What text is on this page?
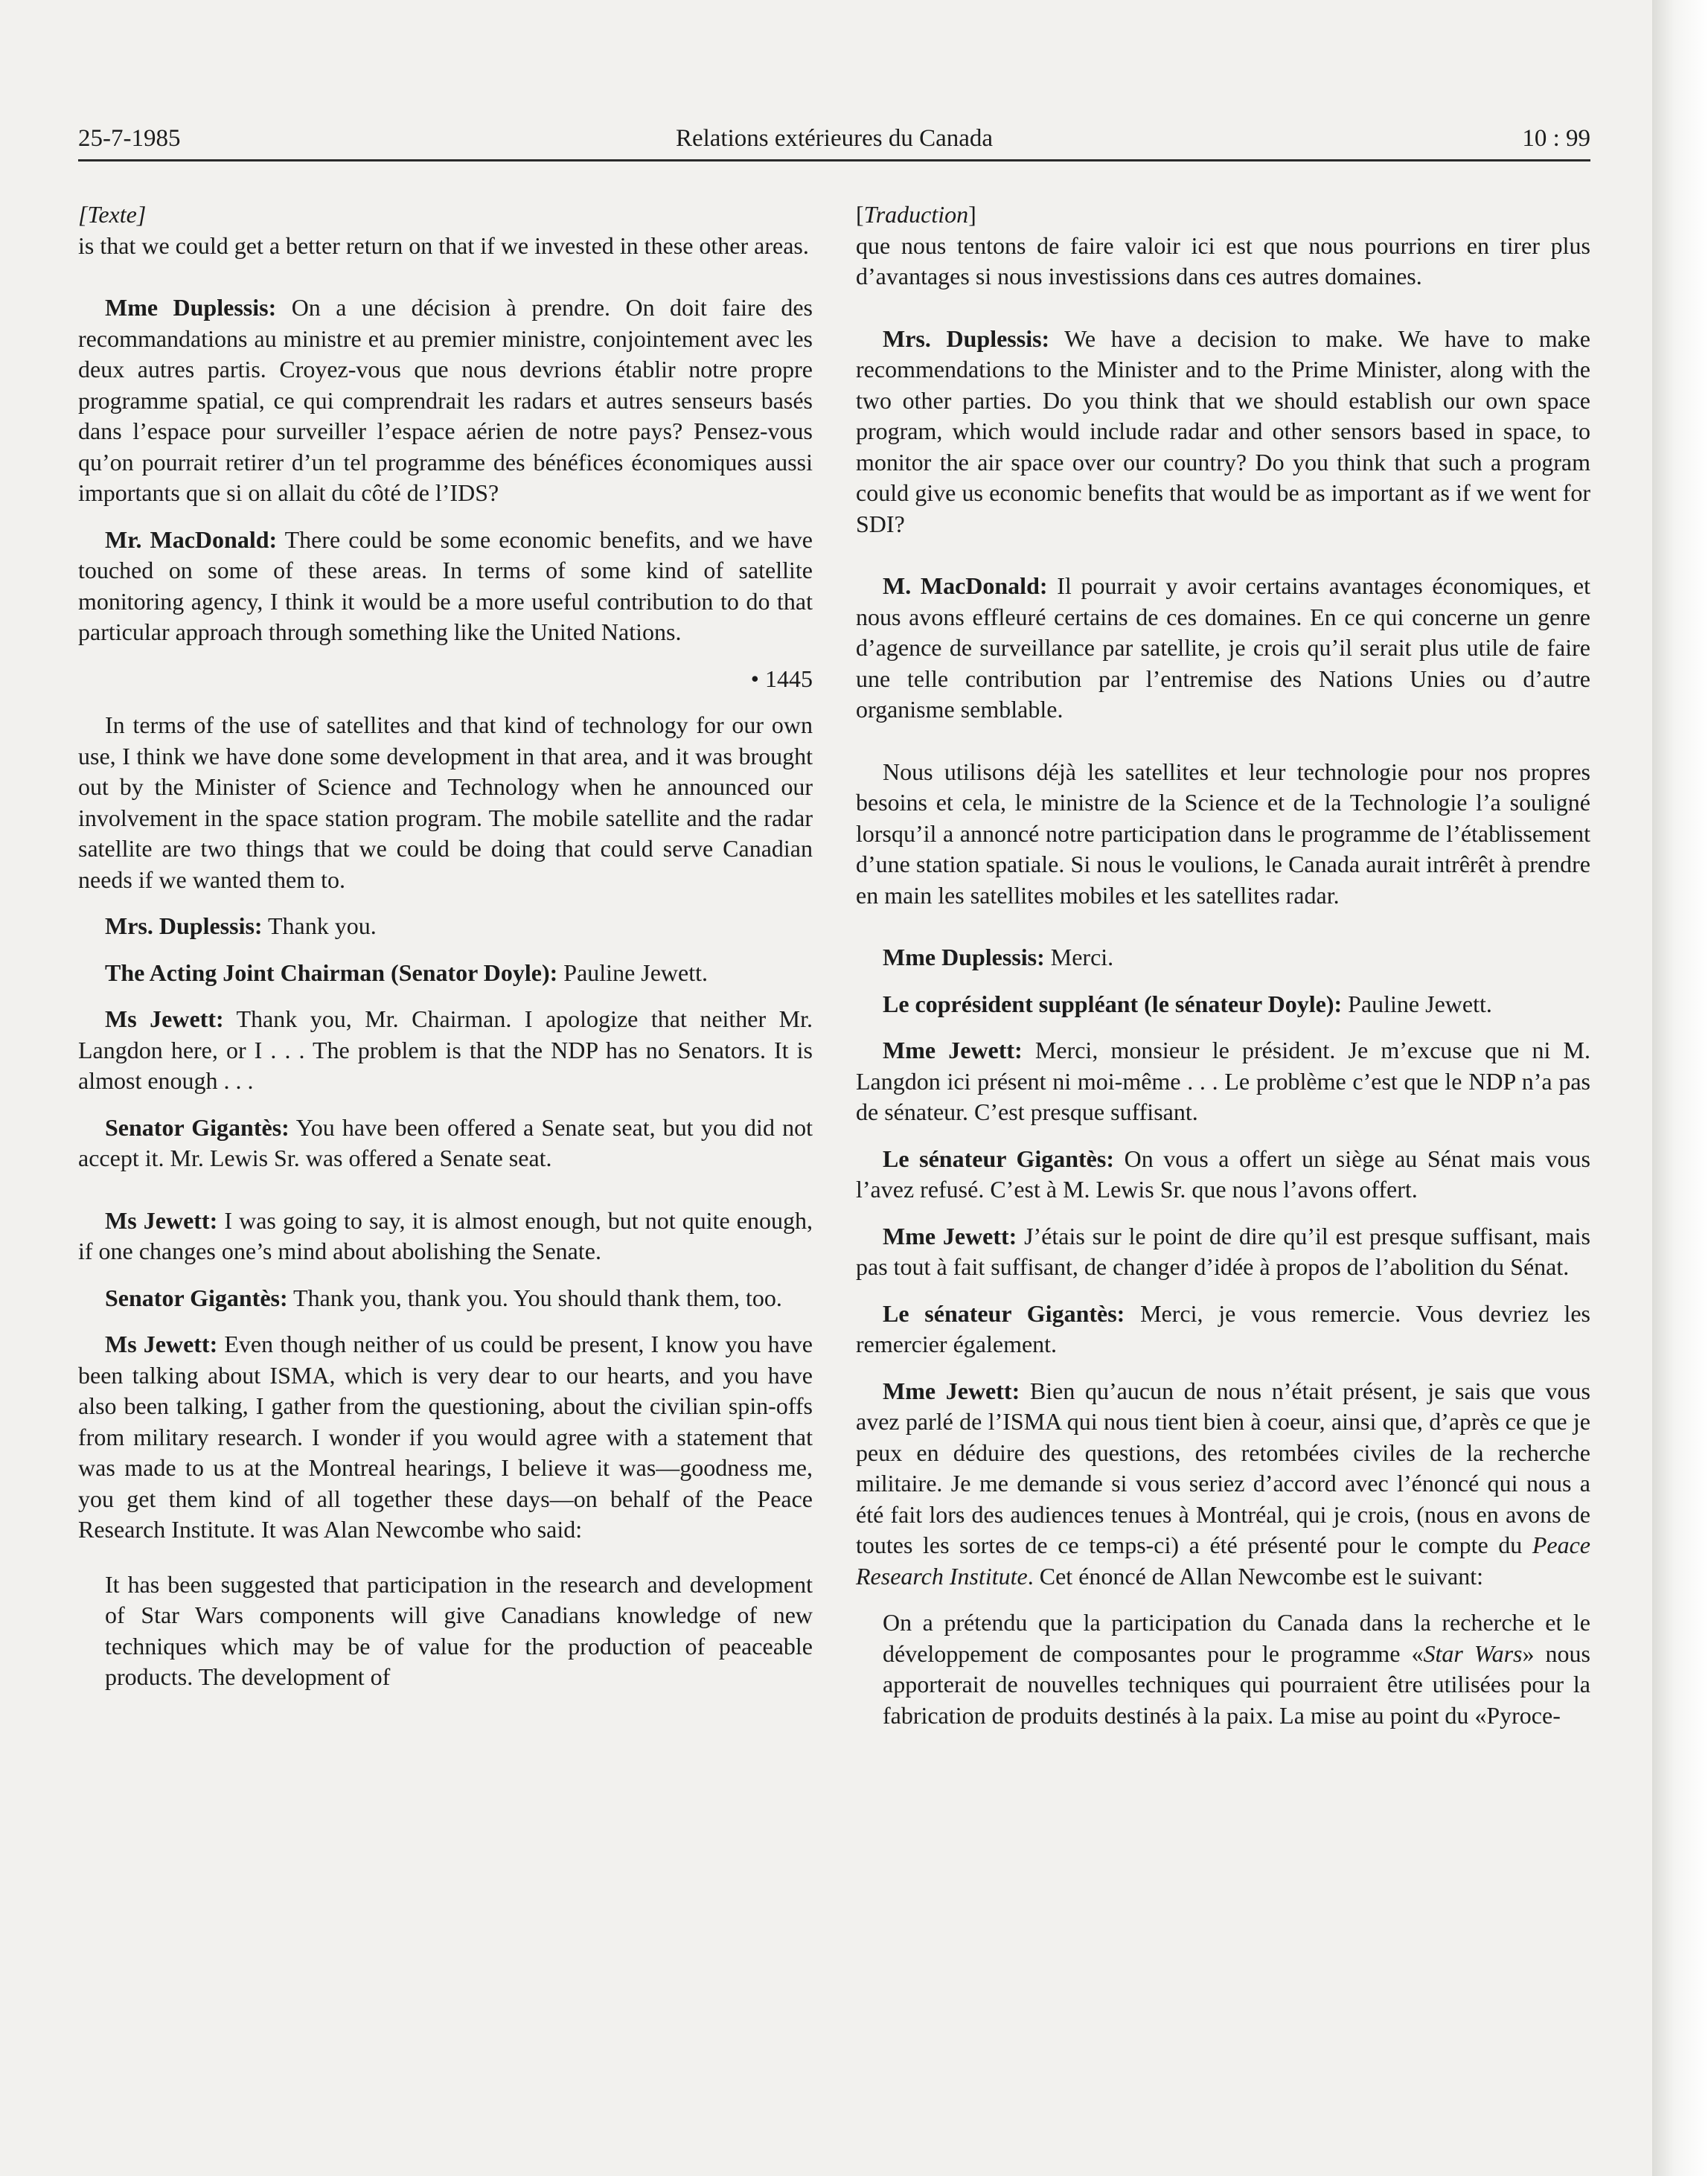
25-7-1985	Relations extérieures du Canada	10 : 99

[Texte]

is that we could get a better return on that if we invested in these other areas.

Mme Duplessis: On a une décision à prendre. On doit faire des recommandations au ministre et au premier ministre, conjointement avec les deux autres partis. Croyez-vous que nous devrions établir notre propre programme spatial, ce qui comprendrait les radars et autres senseurs basés dans l’espace pour surveiller l’espace aérien de notre pays? Pensez-vous qu’on pourrait retirer d’un tel programme des bénéfices économiques aussi importants que si on allait du côté de l’IDS?

Mr. MacDonald: There could be some economic benefits, and we have touched on some of these areas. In terms of some kind of satellite monitoring agency, I think it would be a more useful contribution to do that particular approach through something like the United Nations.

• 1445

In terms of the use of satellites and that kind of technology for our own use, I think we have done some development in that area, and it was brought out by the Minister of Science and Technology when he announced our involvement in the space station program. The mobile satellite and the radar satellite are two things that we could be doing that could serve Canadian needs if we wanted them to.

Mrs. Duplessis: Thank you.

The Acting Joint Chairman (Senator Doyle): Pauline Jewett.

Ms Jewett: Thank you, Mr. Chairman. I apologize that neither Mr. Langdon here, or I . . . The problem is that the NDP has no Senators. It is almost enough . . .

Senator Gigantès: You have been offered a Senate seat, but you did not accept it. Mr. Lewis Sr. was offered a Senate seat.

Ms Jewett: I was going to say, it is almost enough, but not quite enough, if one changes one’s mind about abolishing the Senate.

Senator Gigantès: Thank you, thank you. You should thank them, too.

Ms Jewett: Even though neither of us could be present, I know you have been talking about ISMA, which is very dear to our hearts, and you have also been talking, I gather from the questioning, about the civilian spin-offs from military research. I wonder if you would agree with a statement that was made to us at the Montreal hearings, I believe it was—goodness me, you get them kind of all together these days—on behalf of the Peace Research Institute. It was Alan Newcombe who said:

It has been suggested that participation in the research and development of Star Wars components will give Canadians knowledge of new techniques which may be of value for the production of peaceable products. The development of

[Traduction]

que nous tentons de faire valoir ici est que nous pourrions en tirer plus d’avantages si nous investissions dans ces autres domaines.

Mrs. Duplessis: We have a decision to make. We have to make recommendations to the Minister and to the Prime Minister, along with the two other parties. Do you think that we should establish our own space program, which would include radar and other sensors based in space, to monitor the air space over our country? Do you think that such a program could give us economic benefits that would be as important as if we went for SDI?

M. MacDonald: Il pourrait y avoir certains avantages économiques, et nous avons effleuré certains de ces domaines. En ce qui concerne un genre d’agence de surveillance par satellite, je crois qu’il serait plus utile de faire une telle contribution par l’entremise des Nations Unies ou d’autre organisme semblable.

Nous utilisons déjà les satellites et leur technologie pour nos propres besoins et cela, le ministre de la Science et de la Technologie l’a souligné lorsqu’il a annoncé notre participation dans le programme de l’établissement d’une station spatiale. Si nous le voulions, le Canada aurait intrêrêt à prendre en main les satellites mobiles et les satellites radar.

Mme Duplessis: Merci.

Le coprésident suppléant (le sénateur Doyle): Pauline Jewett.

Mme Jewett: Merci, monsieur le président. Je m’excuse que ni M. Langdon ici présent ni moi-même . . . Le problème c’est que le NDP n’a pas de sénateur. C’est presque suffisant.

Le sénateur Gigantès: On vous a offert un siège au Sénat mais vous l’avez refusé. C’est à M. Lewis Sr. que nous l’avons offert.

Mme Jewett: J’étais sur le point de dire qu’il est presque suffisant, mais pas tout à fait suffisant, de changer d’idée à propos de l’abolition du Sénat.

Le sénateur Gigantès: Merci, je vous remercie. Vous devriez les remercier également.

Mme Jewett: Bien qu’aucun de nous n’était présent, je sais que vous avez parlé de l’ISMA qui nous tient bien à coeur, ainsi que, d’après ce que je peux en déduire des questions, des retombées civiles de la recherche militaire. Je me demande si vous seriez d’accord avec l’énoncé qui nous a été fait lors des audiences tenues à Montréal, qui je crois, (nous en avons de toutes les sortes de ce temps-ci) a été présenté pour le compte du Peace Research Institute. Cet énoncé de Allan Newcombe est le suivant:

On a prétendu que la participation du Canada dans la recherche et le développement de composantes pour le programme «Star Wars» nous apporterait de nouvelles techniques qui pourraient être utilisées pour la fabrication de produits destinés à la paix. La mise au point du «Pyroce-
